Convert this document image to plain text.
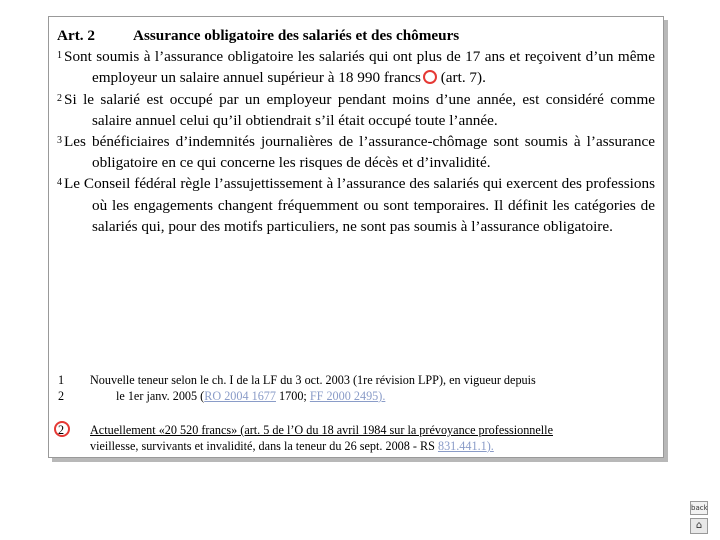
Art. 2	Assurance obligatoire des salariés et des chômeurs
$^1$ Sont soumis à l’assurance obligatoire les salariés qui ont plus de 17 ans et reçoivent d’un même employeur un salaire annuel supérieur à 18 990 francs (art. 7).
$^2$ Si le salarié est occupé par un employeur pendant moins d’une année, est considéré comme salaire annuel celui qu’il obtiendrait s’il était occupé toute l’année.
$^3$ Les bénéficiaires d’indemnités journalières de l’assurance-chômage sont soumis à l’assurance obligatoire en ce qui concerne les risques de décès et d’invalidité.
$^4$ Le Conseil fédéral règle l’assujettissement à l’assurance des salariés qui exercent des professions où les engagements changent fréquemment ou sont temporaires. Il définit les catégories de salariés qui, pour des motifs particuliers, ne sont pas soumis à l’assurance obligatoire.
1 Nouvelle teneur selon le ch. I de la LF du 3 oct. 2003 (1re révision LPP), en vigueur depuis
2	le 1er janv. 2005 (RO 2004 1677 1700; FF 2000 2495).
2 Actuellement «20 520 francs» (art. 5 de l’O du 18 avril 1984 sur la prévoyance professionnelle
vieillesse, survivants et invalidité, dans la teneur du 26 sept. 2008 - RS 831.441.1).
back
⌂
